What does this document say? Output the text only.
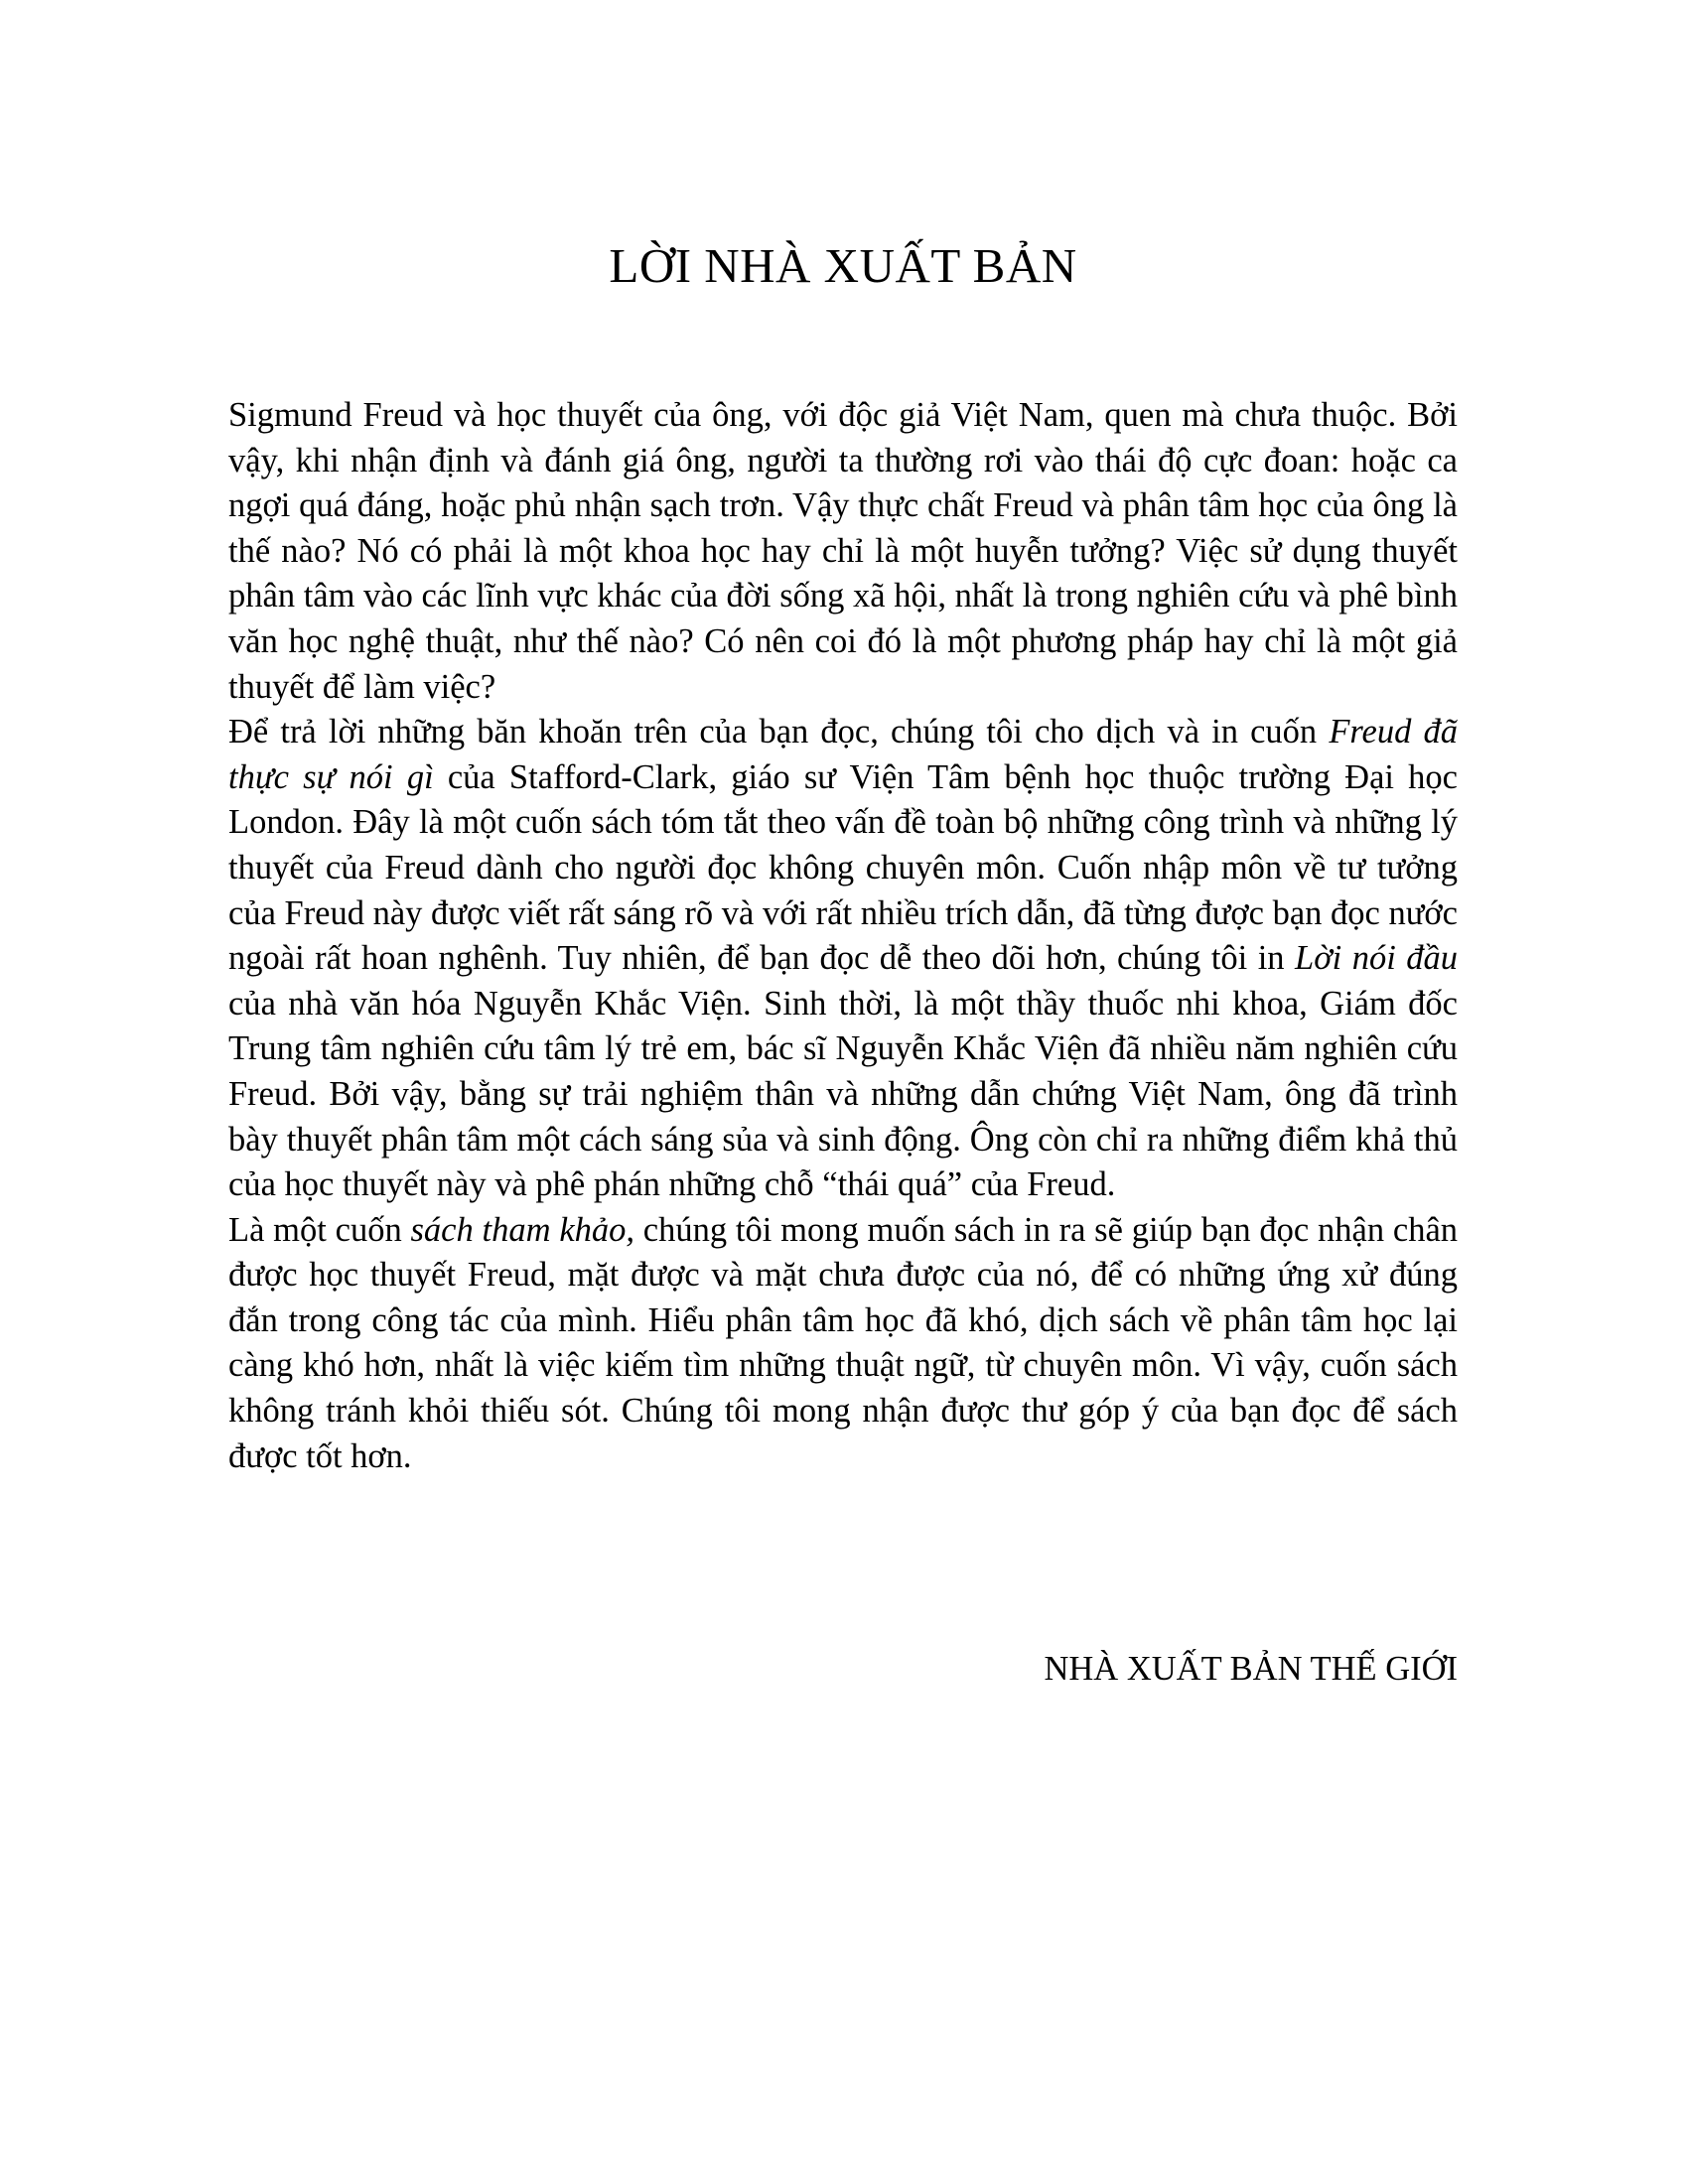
LỜI NHÀ XUẤT BẢN

Sigmund Freud và học thuyết của ông, với độc giả Việt Nam, quen mà chưa thuộc. Bởi vậy, khi nhận định và đánh giá ông, người ta thường rơi vào thái độ cực đoan: hoặc ca ngợi quá đáng, hoặc phủ nhận sạch trơn. Vậy thực chất Freud và phân tâm học của ông là thế nào? Nó có phải là một khoa học hay chỉ là một huyễn tưởng? Việc sử dụng thuyết phân tâm vào các lĩnh vực khác của đời sống xã hội, nhất là trong nghiên cứu và phê bình văn học nghệ thuật, như thế nào? Có nên coi đó là một phương pháp hay chỉ là một giả thuyết để làm việc?

Để trả lời những băn khoăn trên của bạn đọc, chúng tôi cho dịch và in cuốn Freud đã thực sự nói gì của Stafford-Clark, giáo sư Viện Tâm bệnh học thuộc trường Đại học London. Đây là một cuốn sách tóm tắt theo vấn đề toàn bộ những công trình và những lý thuyết của Freud dành cho người đọc không chuyên môn. Cuốn nhập môn về tư tưởng của Freud này được viết rất sáng rõ và với rất nhiều trích dẫn, đã từng được bạn đọc nước ngoài rất hoan nghênh. Tuy nhiên, để bạn đọc dễ theo dõi hơn, chúng tôi in Lời nói đầu của nhà văn hóa Nguyễn Khắc Viện. Sinh thời, là một thầy thuốc nhi khoa, Giám đốc Trung tâm nghiên cứu tâm lý trẻ em, bác sĩ Nguyễn Khắc Viện đã nhiều năm nghiên cứu Freud. Bởi vậy, bằng sự trải nghiệm thân và những dẫn chứng Việt Nam, ông đã trình bày thuyết phân tâm một cách sáng sủa và sinh động. Ông còn chỉ ra những điểm khả thủ của học thuyết này và phê phán những chỗ “thái quá” của Freud.

Là một cuốn sách tham khảo, chúng tôi mong muốn sách in ra sẽ giúp bạn đọc nhận chân được học thuyết Freud, mặt được và mặt chưa được của nó, để có những ứng xử đúng đắn trong công tác của mình. Hiểu phân tâm học đã khó, dịch sách về phân tâm học lại càng khó hơn, nhất là việc kiếm tìm những thuật ngữ, từ chuyên môn. Vì vậy, cuốn sách không tránh khỏi thiếu sót. Chúng tôi mong nhận được thư góp ý của bạn đọc để sách được tốt hơn.

NHÀ XUẤT BẢN THẾ GIỚI
